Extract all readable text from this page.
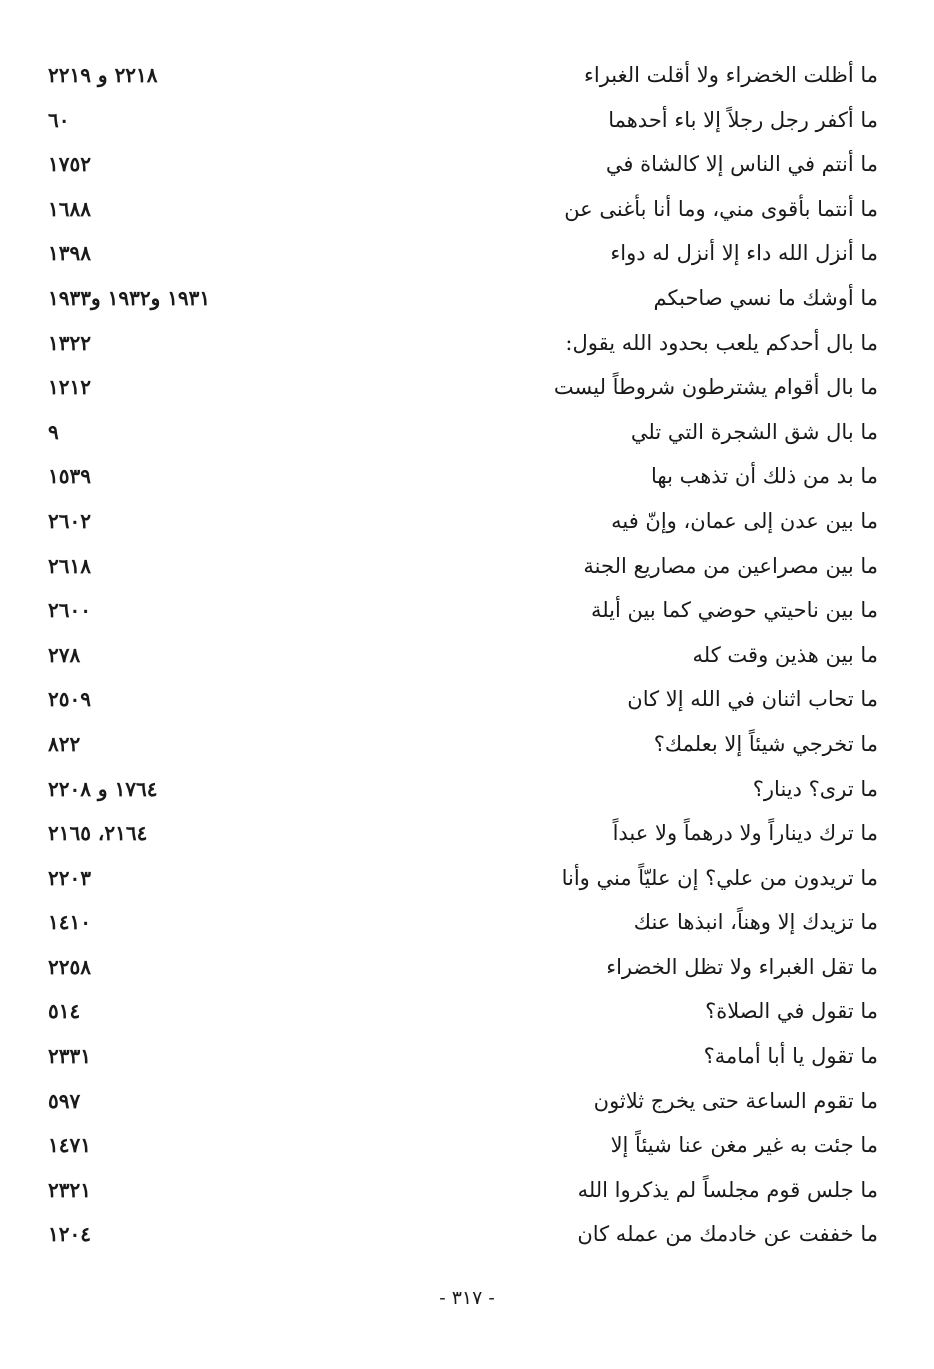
ما أظلت الخضراء ولا أقلت الغبراء
٢٢١٨ و ٢٢١٩
ما أكفر رجل رجلاً إلا باء أحدهما
٦٠
ما أنتم في الناس إلا كالشاة في
١٧٥٢
ما أنتما بأقوى مني، وما أنا بأغنى عن
١٦٨٨
ما أنزل الله داء إلا أنزل له دواء
١٣٩٨
ما أوشك ما نسي صاحبكم
١٩٣١ و١٩٣٢ و١٩٣٣
ما بال أحدكم يلعب بحدود الله يقول:
١٣٢٢
ما بال أقوام يشترطون شروطاً ليست
١٢١٢
ما بال شق الشجرة التي تلي
٩
ما بد من ذلك أن تذهب بها
١٥٣٩
ما بين عدن إلى عمان، وإنّ فيه
٢٦٠٢
ما بين مصراعين من مصاريع الجنة
٢٦١٨
ما بين ناحيتي حوضي كما بين أيلة
٢٦٠٠
ما بين هذين وقت كله
٢٧٨
ما تحاب اثنان في الله إلا كان
٢٥٠٩
ما تخرجي شيئاً إلا بعلمك؟
٨٢٢
ما ترى؟ دينار؟
١٧٦٤ و ٢٢٠٨
ما ترك ديناراً ولا درهماً ولا عبداً
٢١٦٤، ٢١٦٥
ما تريدون من علي؟ إن عليّاً مني وأنا
٢٢٠٣
ما تزيدك إلا وهناً، انبذها عنك
١٤١٠
ما تقل الغبراء ولا تظل الخضراء
٢٢٥٨
ما تقول في الصلاة؟
٥١٤
ما تقول يا أبا أمامة؟
٢٣٣١
ما تقوم الساعة حتى يخرج ثلاثون
٥٩٧
ما جئت به غير مغن عنا شيئاً إلا
١٤٧١
ما جلس قوم مجلساً لم يذكروا الله
٢٣٢١
ما خففت عن خادمك من عمله كان
١٢٠٤
- ٣١٧ -
